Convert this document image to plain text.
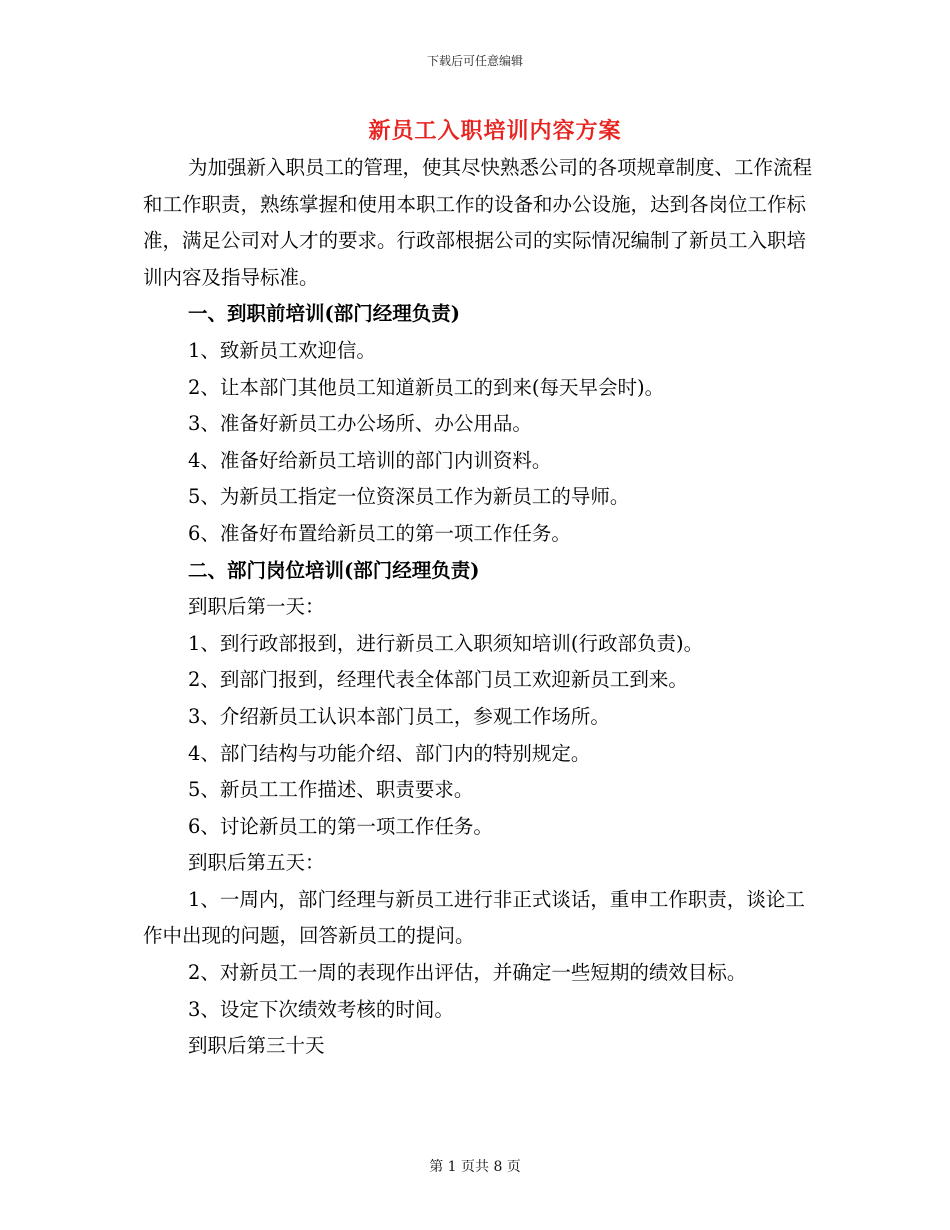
下载后可任意编辑
新员工入职培训内容方案

为加强新入职员工的管理，使其尽快熟悉公司的各项规章制度、工作流程和工作职责，熟练掌握和使用本职工作的设备和办公设施，达到各岗位工作标准，满足公司对人才的要求。行政部根据公司的实际情况编制了新员工入职培训内容及指导标准。

一、到职前培训(部门经理负责)

1、致新员工欢迎信。

2、让本部门其他员工知道新员工的到来(每天早会时)。

3、准备好新员工办公场所、办公用品。

4、准备好给新员工培训的部门内训资料。

5、为新员工指定一位资深员工作为新员工的导师。

6、准备好布置给新员工的第一项工作任务。

二、部门岗位培训(部门经理负责)

到职后第一天：

1、到行政部报到，进行新员工入职须知培训(行政部负责)。

2、到部门报到，经理代表全体部门员工欢迎新员工到来。

3、介绍新员工认识本部门员工，参观工作场所。

4、部门结构与功能介绍、部门内的特别规定。

5、新员工工作描述、职责要求。

6、讨论新员工的第一项工作任务。

到职后第五天：

1、一周内，部门经理与新员工进行非正式谈话，重申工作职责，谈论工作中出现的问题，回答新员工的提问。

2、对新员工一周的表现作出评估，并确定一些短期的绩效目标。

3、设定下次绩效考核的时间。

到职后第三十天

第 1 页共 8 页
